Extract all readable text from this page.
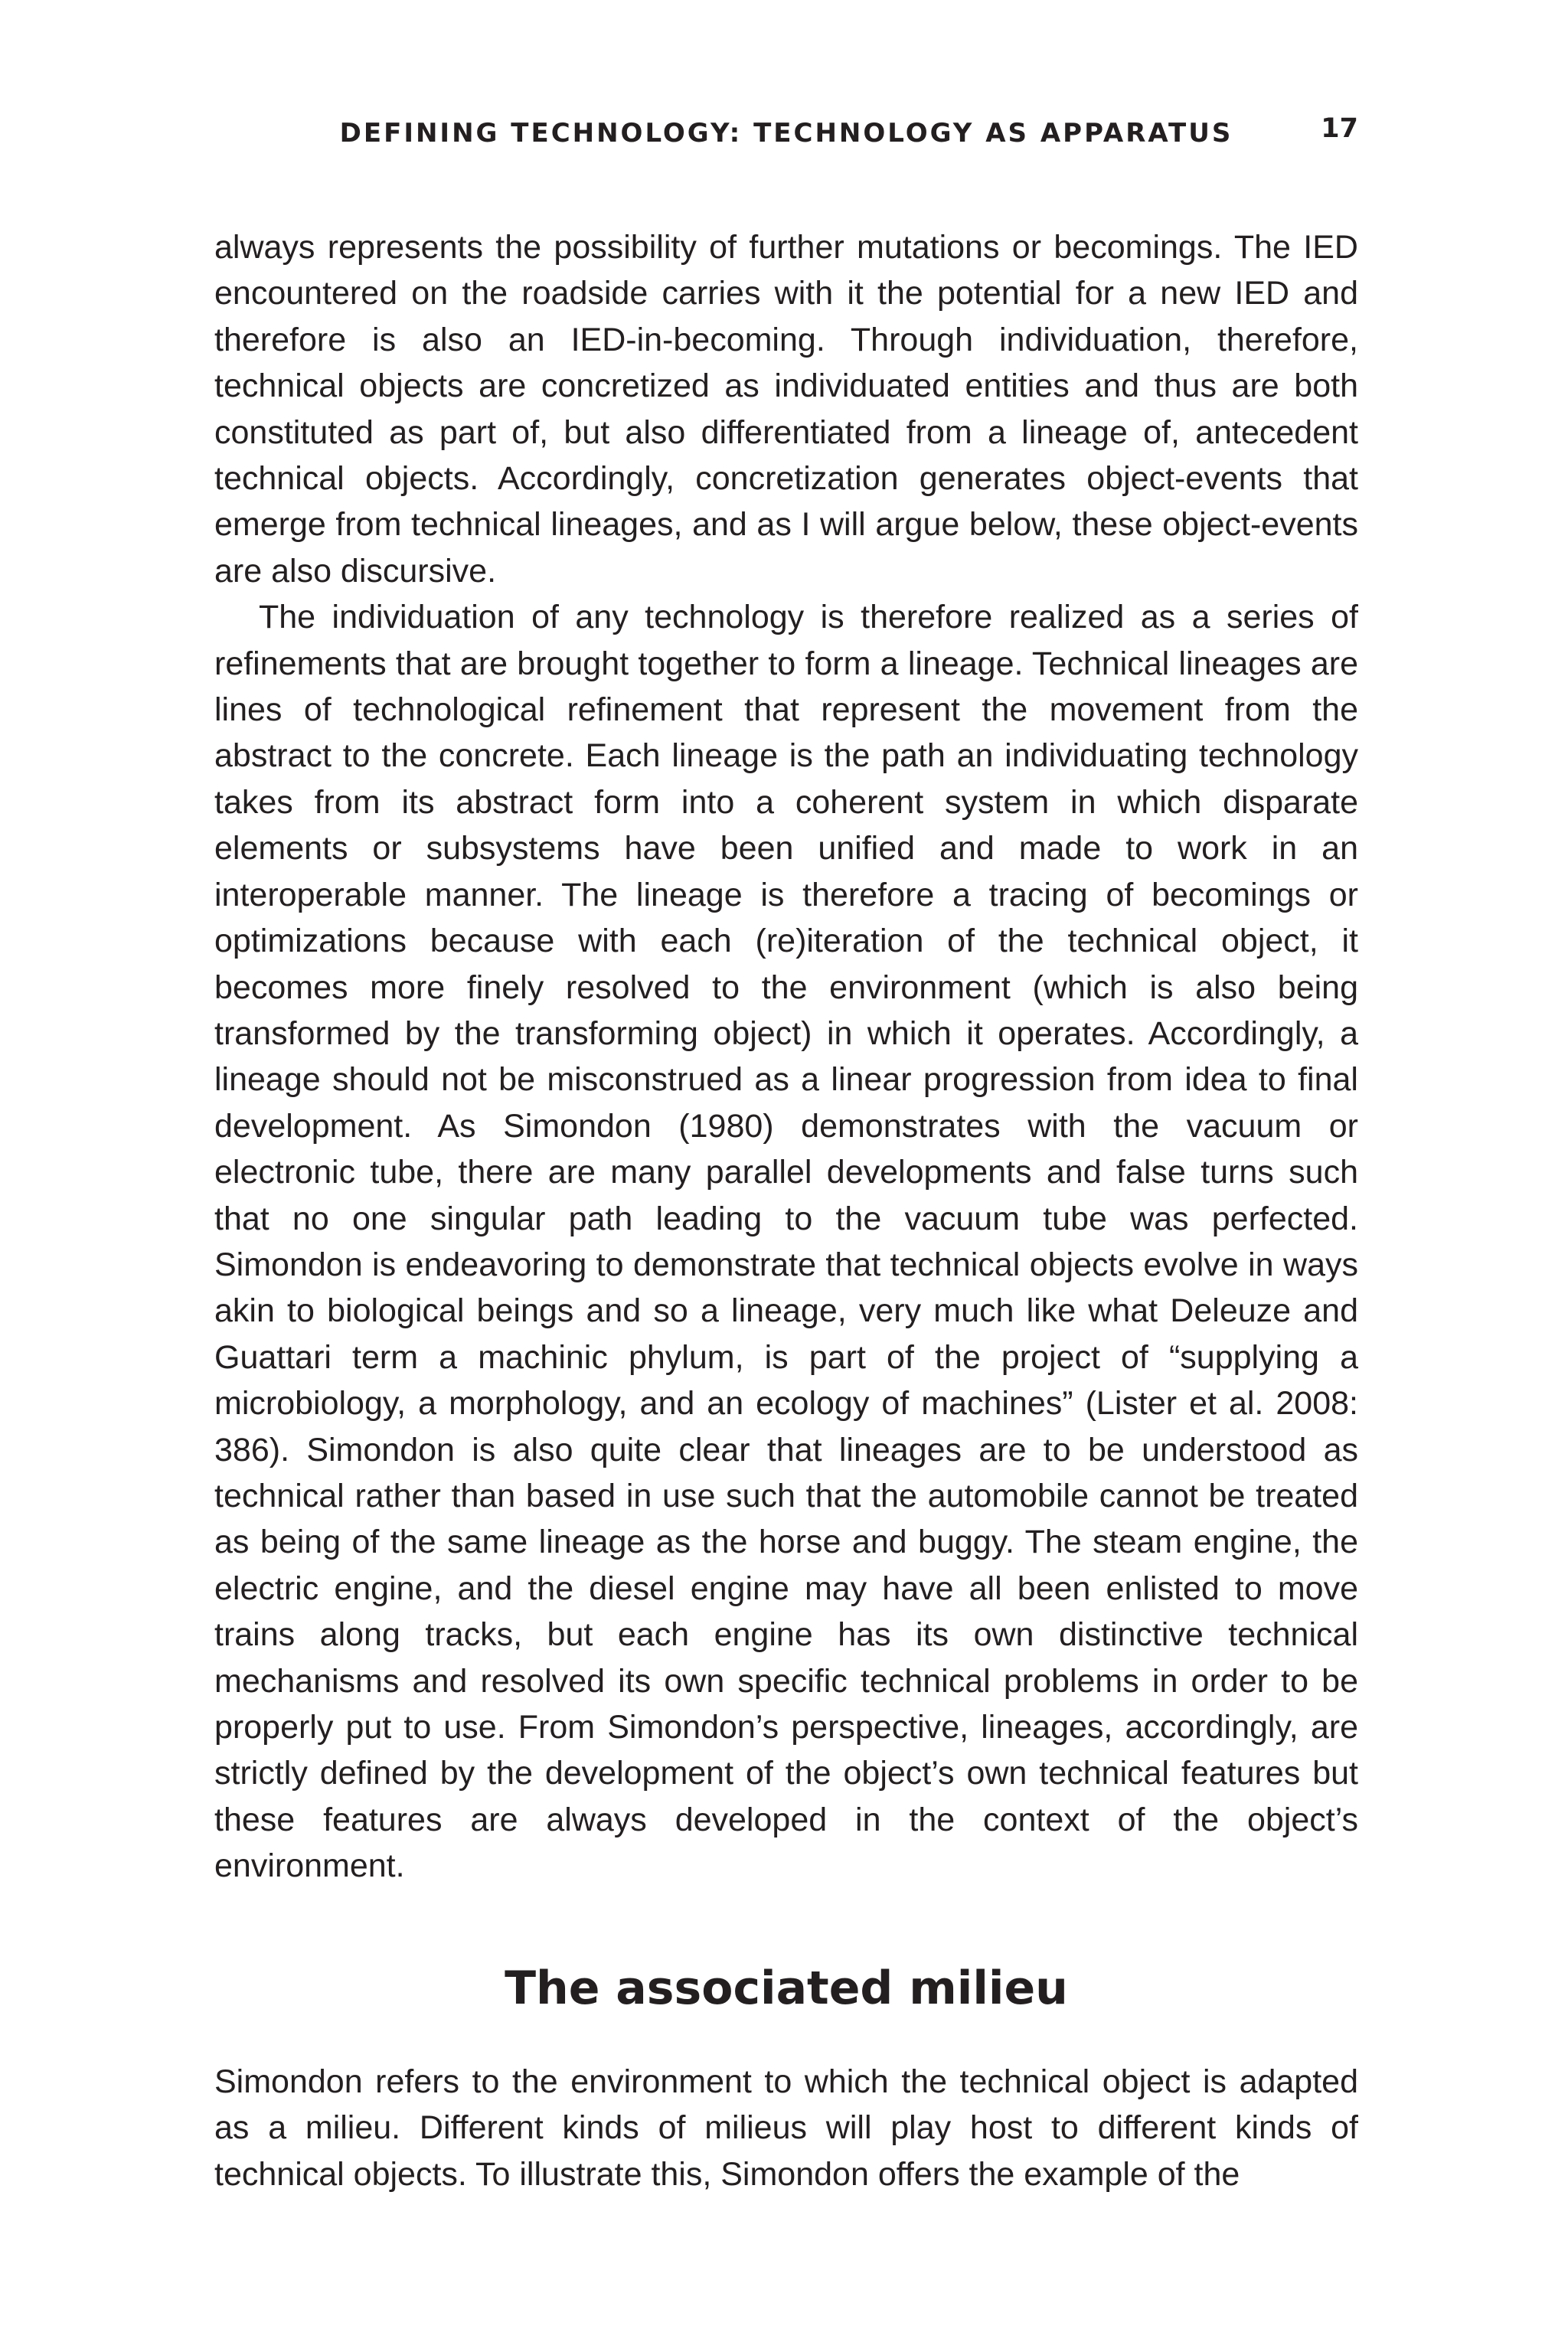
DEFINING TECHNOLOGY: TECHNOLOGY AS APPARATUS	17

always represents the possibility of further mutations or becomings. The IED encountered on the roadside carries with it the potential for a new IED and therefore is also an IED-in-becoming. Through individuation, therefore, technical objects are concretized as individuated entities and thus are both constituted as part of, but also differentiated from a lineage of, antecedent technical objects. Accordingly, concretization generates object-events that emerge from technical lineages, and as I will argue below, these object-events are also discursive.

The individuation of any technology is therefore realized as a series of refinements that are brought together to form a lineage. Technical lineages are lines of technological refinement that represent the movement from the abstract to the concrete. Each lineage is the path an individuating technology takes from its abstract form into a coherent system in which disparate elements or subsystems have been unified and made to work in an interoperable manner. The lineage is therefore a tracing of becomings or optimizations because with each (re)iteration of the technical object, it becomes more finely resolved to the environment (which is also being transformed by the transforming object) in which it operates. Accordingly, a lineage should not be misconstrued as a linear progression from idea to final development. As Simondon (1980) demonstrates with the vacuum or electronic tube, there are many parallel developments and false turns such that no one singular path leading to the vacuum tube was perfected. Simondon is endeavoring to demonstrate that technical objects evolve in ways akin to biological beings and so a lineage, very much like what Deleuze and Guattari term a machinic phylum, is part of the project of “supplying a microbiology, a morphology, and an ecology of machines” (Lister et al. 2008: 386). Simondon is also quite clear that lineages are to be understood as technical rather than based in use such that the automobile cannot be treated as being of the same lineage as the horse and buggy. The steam engine, the electric engine, and the diesel engine may have all been enlisted to move trains along tracks, but each engine has its own distinctive technical mechanisms and resolved its own specific technical problems in order to be properly put to use. From Simondon’s perspective, lineages, accordingly, are strictly defined by the development of the object’s own technical features but these features are always developed in the context of the object’s environment.

The associated milieu

Simondon refers to the environment to which the technical object is adapted as a milieu. Different kinds of milieus will play host to different kinds of technical objects. To illustrate this, Simondon offers the example of the
